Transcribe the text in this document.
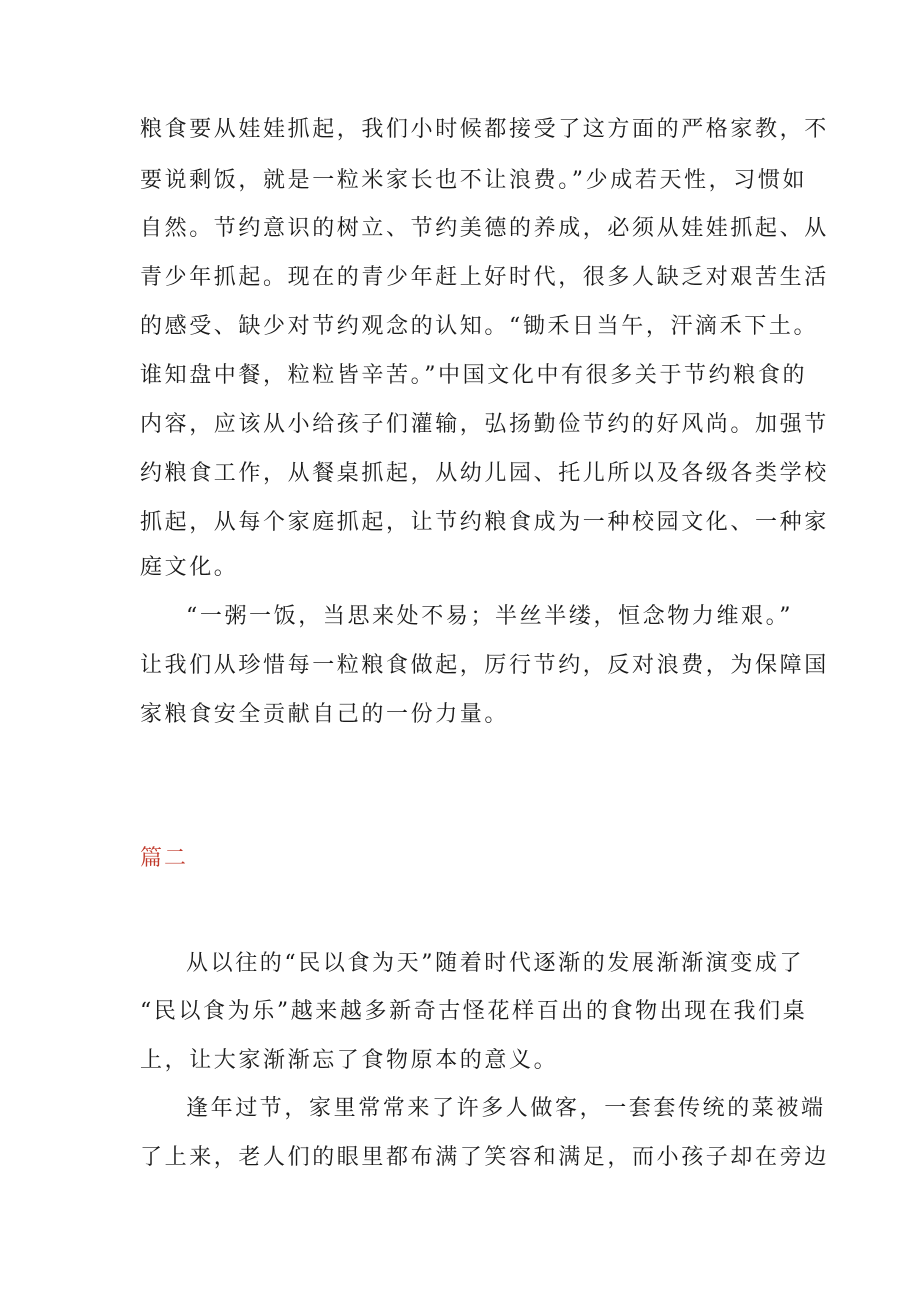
粮食要从娃娃抓起，我们小时候都接受了这方面的严格家教，不
要说剩饭，就是一粒米家长也不让浪费。”少成若天性，习惯如
自然。节约意识的树立、节约美德的养成，必须从娃娃抓起、从
青少年抓起。现在的青少年赶上好时代，很多人缺乏对艰苦生活
的感受、缺少对节约观念的认知。“锄禾日当午，汗滴禾下土。
谁知盘中餐，粒粒皆辛苦。”中国文化中有很多关于节约粮食的
内容，应该从小给孩子们灌输，弘扬勤俭节约的好风尚。加强节
约粮食工作，从餐桌抓起，从幼儿园、托儿所以及各级各类学校
抓起，从每个家庭抓起，让节约粮食成为一种校园文化、一种家
庭文化。
“一粥一饭，当思来处不易；半丝半缕，恒念物力维艰。”
让我们从珍惜每一粒粮食做起，厉行节约，反对浪费，为保障国
家粮食安全贡献自己的一份力量。
篇二
从以往的“民以食为天”随着时代逐渐的发展渐渐演变成了
“民以食为乐”越来越多新奇古怪花样百出的食物出现在我们桌
上，让大家渐渐忘了食物原本的意义。
逢年过节，家里常常来了许多人做客，一套套传统的菜被端
了上来，老人们的眼里都布满了笑容和满足，而小孩子却在旁边
